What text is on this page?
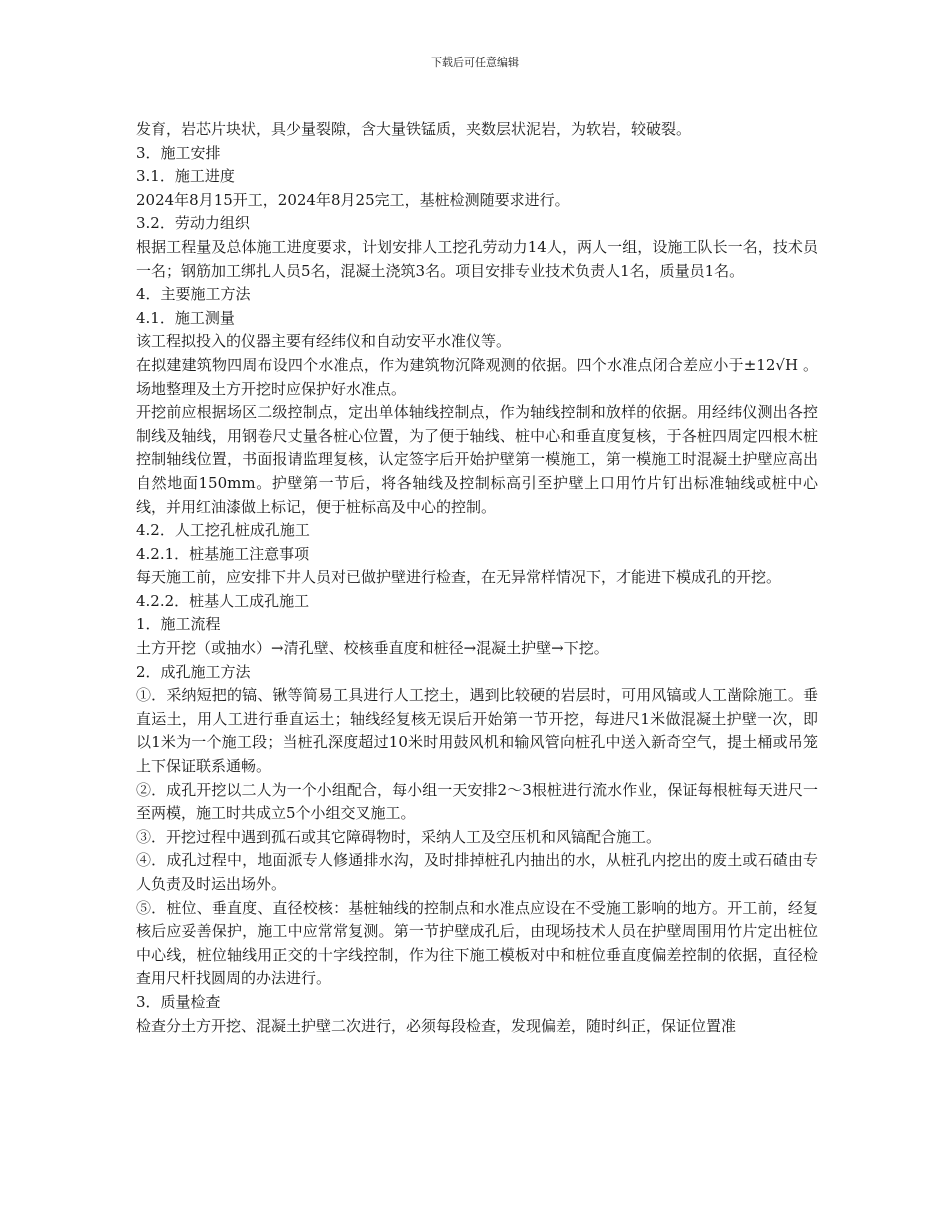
下载后可任意编辑

发育，岩芯片块状，具少量裂隙，含大量铁锰质，夹数层状泥岩，为软岩，较破裂。

3．施工安排

3.1．施工进度

2024年8月15开工，2024年8月25完工，基桩检测随要求进行。

3.2．劳动力组织

根据工程量及总体施工进度要求，计划安排人工挖孔劳动力14人，两人一组，设施工队长一名，技术员一名；钢筋加工绑扎人员5名，混凝土浇筑3名。项目安排专业技术负责人1名，质量员1名。

4．主要施工方法

4.1．施工测量

该工程拟投入的仪器主要有经纬仪和自动安平水准仪等。

在拟建建筑物四周布设四个水准点，作为建筑物沉降观测的依据。四个水准点闭合差应小于±12√H 。场地整理及土方开挖时应保护好水准点。

开挖前应根据场区二级控制点，定出单体轴线控制点，作为轴线控制和放样的依据。用经纬仪测出各控制线及轴线，用钢卷尺丈量各桩心位置，为了便于轴线、桩中心和垂直度复核，于各桩四周定四根木桩控制轴线位置，书面报请监理复核，认定签字后开始护壁第一模施工，第一模施工时混凝土护壁应高出自然地面150mm。护壁第一节后，将各轴线及控制标高引至护壁上口用竹片钉出标准轴线或桩中心线，并用红油漆做上标记，便于桩标高及中心的控制。

4.2．人工挖孔桩成孔施工

4.2.1．桩基施工注意事项

每天施工前，应安排下井人员对已做护壁进行检查，在无异常样情况下，才能进下模成孔的开挖。

4.2.2．桩基人工成孔施工

1．施工流程

土方开挖（或抽水）→清孔壁、校核垂直度和桩径→混凝土护壁→下挖。

2．成孔施工方法

①．采纳短把的镐、锹等简易工具进行人工挖土，遇到比较硬的岩层时，可用风镐或人工凿除施工。垂直运土，用人工进行垂直运土；轴线经复核无误后开始第一节开挖，每进尺1米做混凝土护壁一次，即以1米为一个施工段；当桩孔深度超过10米时用鼓风机和输风管向桩孔中送入新奇空气，提土桶或吊笼上下保证联系通畅。

②．成孔开挖以二人为一个小组配合，每小组一天安排2～3根桩进行流水作业，保证每根桩每天进尺一至两模，施工时共成立5个小组交叉施工。

③．开挖过程中遇到孤石或其它障碍物时，采纳人工及空压机和风镐配合施工。

④．成孔过程中，地面派专人修通排水沟，及时排掉桩孔内抽出的水，从桩孔内挖出的废土或石碴由专人负责及时运出场外。

⑤．桩位、垂直度、直径校核：基桩轴线的控制点和水准点应设在不受施工影响的地方。开工前，经复核后应妥善保护，施工中应常常复测。第一节护壁成孔后，由现场技术人员在护壁周围用竹片定出桩位中心线，桩位轴线用正交的十字线控制，作为往下施工模板对中和桩位垂直度偏差控制的依据，直径检查用尺杆找圆周的办法进行。

3．质量检查

检查分土方开挖、混凝土护壁二次进行，必须每段检查，发现偏差，随时纠正，保证位置准
